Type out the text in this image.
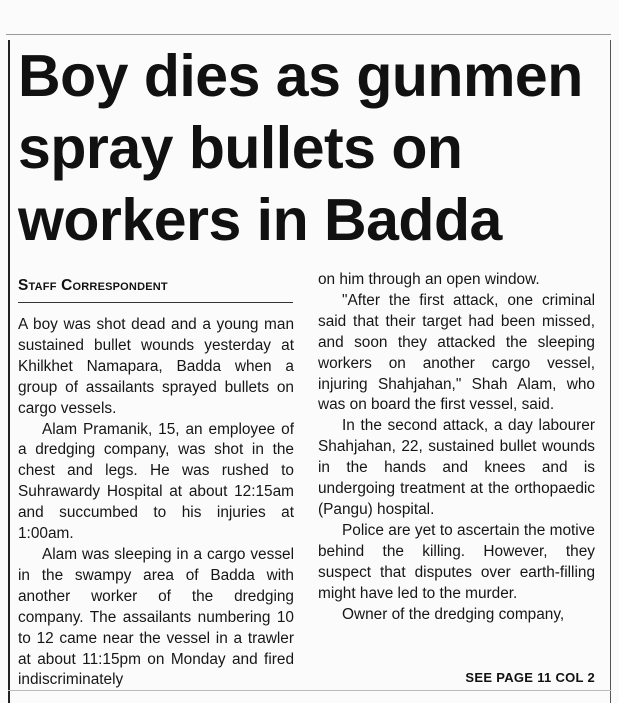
Boy dies as gunmen
spray bullets on
workers in Badda
Staff Correspondent

A boy was shot dead and a young man sustained bullet wounds yesterday at Khilkhet Namapara, Badda when a group of assailants sprayed bullets on cargo vessels.

Alam Pramanik, 15, an employee of a dredging company, was shot in the chest and legs. He was rushed to Suhrawardy Hospital at about 12:15am and succumbed to his injuries at 1:00am.

Alam was sleeping in a cargo vessel in the swampy area of Badda with another worker of the dredging company. The assailants numbering 10 to 12 came near the vessel in a trawler at about 11:15pm on Monday and fired indiscriminately

on him through an open window.

"After the first attack, one criminal said that their target had been missed, and soon they attacked the sleeping workers on another cargo vessel, injuring Shahjahan," Shah Alam, who was on board the first vessel, said.

In the second attack, a day labourer Shahjahan, 22, sustained bullet wounds in the hands and knees and is undergoing treatment at the orthopaedic (Pangu) hospital.

Police are yet to ascertain the motive behind the killing. However, they suspect that disputes over earth-filling might have led to the murder.

Owner of the dredging company,

SEE PAGE 11 COL 2
